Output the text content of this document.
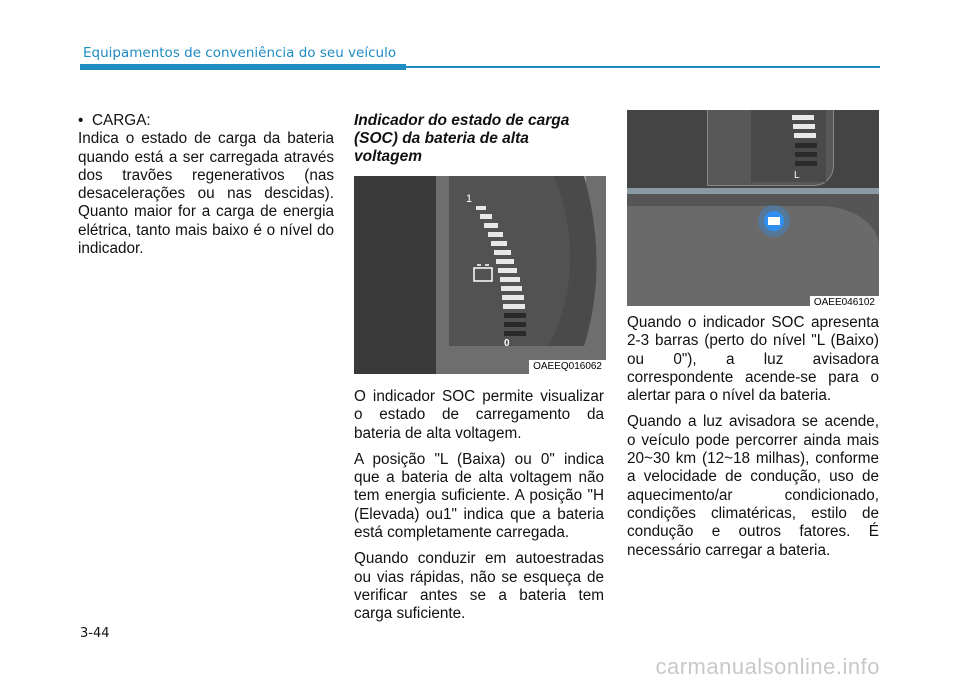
Equipamentos de conveniência do seu veículo
• CARGA:

Indica o estado de carga da bateria quando está a ser carregada através dos travões regenerativos (nas desacelerações ou nas descidas). Quanto maior for a carga de energia elétrica, tanto mais baixo é o nível do indicador.

Indicador do estado de carga (SOC) da bateria de alta voltagem
1
0
OAEEQ016062

O indicador SOC permite visualizar o estado de carregamento da bateria de alta voltagem.

A posição "L (Baixa) ou 0" indica que a bateria de alta voltagem não tem energia suficiente. A posição "H (Elevada) ou1" indica que a bateria está completamente carregada.

Quando conduzir em autoestradas ou vias rápidas, não se esqueça de verificar antes se a bateria tem carga suficiente.

L
OAEE046102

Quando o indicador SOC apresenta 2-3 barras (perto do nível "L (Baixo) ou 0"), a luz avisadora correspondente acende-se para o alertar para o nível da bateria.

Quando a luz avisadora se acende, o veículo pode percorrer ainda mais 20~30 km (12~18 milhas), conforme a velocidade de condução, uso de aquecimento/ar condicionado, condições climatéricas, estilo de condução e outros fatores. É necessário carregar a bateria.

3-44
carmanualsonline.info
